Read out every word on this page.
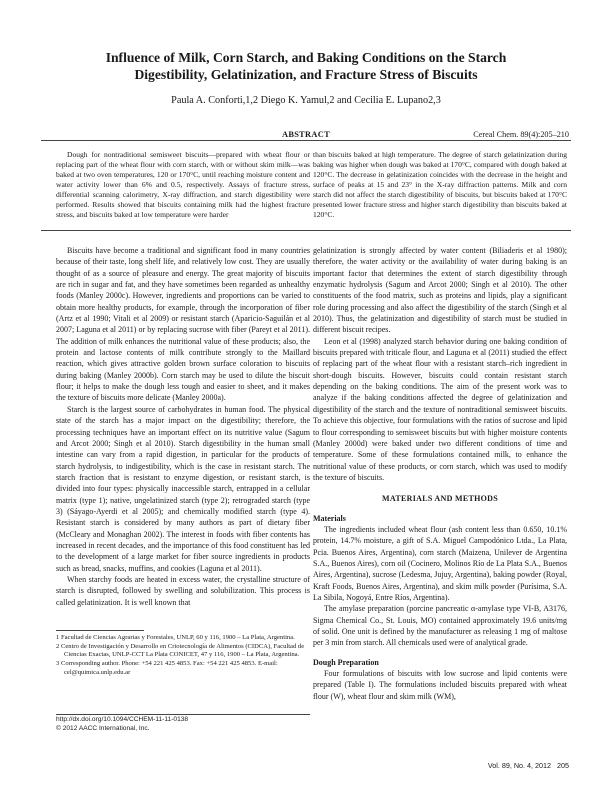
Influence of Milk, Corn Starch, and Baking Conditions on the Starch Digestibility, Gelatinization, and Fracture Stress of Biscuits
Paula A. Conforti,1,2 Diego K. Yamul,2 and Cecilia E. Lupano2,3
ABSTRACT	Cereal Chem. 89(4):205–210

Dough for nontraditional semisweet biscuits—prepared with wheat flour or replacing part of the wheat flour with corn starch, with or without skim milk—was baked at two oven temperatures, 120 or 170°C, until reaching moisture content and water activity lower than 6% and 0.5, respectively. Assays of fracture stress, differential scanning calorimetry, X-ray diffraction, and starch digestibility were performed. Results showed that biscuits containing milk had the highest fracture stress, and biscuits baked at low temperature were harder

than biscuits baked at high temperature. The degree of starch gelatinization during baking was higher when dough was baked at 170°C, compared with dough baked at 120°C. The decrease in gelatinization coincides with the decrease in the height and surface of peaks at 15 and 23° in the X-ray diffraction patterns. Milk and corn starch did not affect the starch digestibility of biscuits, but biscuits baked at 170°C presented lower fracture stress and higher starch digestibility than biscuits baked at 120°C.

Biscuits have become a traditional and significant food in many countries because of their taste, long shelf life, and relatively low cost. They are usually thought of as a source of pleasure and energy. The great majority of biscuits are rich in sugar and fat, and they have sometimes been regarded as unhealthy foods (Manley 2000c). However, ingredients and proportions can be varied to obtain more healthy products, for example, through the incorporation of fiber (Artz et al 1990; Vitali et al 2009) or resistant starch (Aparicio-Saguilán et al 2007; Laguna et al 2011) or by replacing sucrose with fiber (Pareyt et al 2011). The addition of milk enhances the nutritional value of these products; also, the protein and lactose contents of milk contribute strongly to the Maillard reaction, which gives attractive golden brown surface coloration to biscuits during baking (Manley 2000b). Corn starch may be used to dilute the biscuit flour; it helps to make the dough less tough and easier to sheet, and it makes the texture of biscuits more delicate (Manley 2000a).

Starch is the largest source of carbohydrates in human food. The physical state of the starch has a major impact on the digestibility; therefore, the processing techniques have an important effect on its nutritive value (Sagum and Arcot 2000; Singh et al 2010). Starch digestibility in the human small intestine can vary from a rapid digestion, in particular for the products of starch hydrolysis, to indigestibility, which is the case in resistant starch. The starch fraction that is resistant to enzyme digestion, or resistant starch, is divided into four types: physically inaccessible starch, entrapped in a cellular matrix (type 1); native, ungelatinized starch (type 2); retrograded starch (type 3) (Sáyago-Ayerdi et al 2005); and chemically modified starch (type 4). Resistant starch is considered by many authors as part of dietary fiber (McCleary and Monaghan 2002). The interest in foods with fiber contents has increased in recent decades, and the importance of this food constituent has led to the development of a large market for fiber source ingredients in products such as bread, snacks, muffins, and cookies (Laguna et al 2011).

When starchy foods are heated in excess water, the crystalline structure of starch is disrupted, followed by swelling and solubilization. This process is called gelatinization. It is well known that

gelatinization is strongly affected by water content (Biliaderis et al 1980); therefore, the water activity or the availability of water during baking is an important factor that determines the extent of starch digestibility through enzymatic hydrolysis (Sagum and Arcot 2000; Singh et al 2010). The other constituents of the food matrix, such as proteins and lipids, play a significant role during processing and also affect the digestibility of the starch (Singh et al 2010). Thus, the gelatinization and digestibility of starch must be studied in different biscuit recipes.

Leon et al (1998) analyzed starch behavior during one baking condition of biscuits prepared with triticale flour, and Laguna et al (2011) studied the effect of replacing part of the wheat flour with a resistant starch–rich ingredient in short-dough biscuits. However, biscuits could contain resistant starch depending on the baking conditions. The aim of the present work was to analyze if the baking conditions affected the degree of gelatinization and digestibility of the starch and the texture of nontraditional semisweet biscuits. To achieve this objective, four formulations with the ratios of sucrose and lipid to flour corresponding to semisweet biscuits but with higher moisture contents (Manley 2000d) were baked under two different conditions of time and temperature. Some of these formulations contained milk, to enhance the nutritional value of these products, or corn starch, which was used to modify the texture of biscuits.

MATERIALS AND METHODS
Materials

The ingredients included wheat flour (ash content less than 0.650, 10.1% protein, 14.7% moisture, a gift of S.A. Miguel Campodónico Ltda., La Plata, Pcia. Buenos Aires, Argentina), corn starch (Maizena, Unilever de Argentina S.A., Buenos Aires), corn oil (Cocinero, Molinos Río de La Plata S.A., Buenos Aires, Argentina), sucrose (Ledesma, Jujuy, Argentina), baking powder (Royal, Kraft Foods, Buenos Aires, Argentina), and skim milk powder (Purísima, S.A. La Sibila, Nogoyá, Entre Ríos, Argentina).

The amylase preparation (porcine pancreatic α-amylase type VI-B, A3176, Sigma Chemical Co., St. Louis, MO) contained approximately 19.6 units/mg of solid. One unit is defined by the manufacturer as releasing 1 mg of maltose per 3 min from starch. All chemicals used were of analytical grade.

Dough Preparation

Four formulations of biscuits with low sucrose and lipid contents were prepared (Table I). The formulations included biscuits prepared with wheat flour (W), wheat flour and skim milk (WM),

1 Facultad de Ciencias Agrarias y Forestales, UNLP, 60 y 116, 1900 – La Plata, Argentina.
2 Centro de Investigación y Desarrollo en Criotecnología de Alimentos (CIDCA), Facultad de Ciencias Exactas, UNLP-CCT La Plata CONICET, 47 y 116, 1900 – La Plata, Argentina.
3 Corresponding author. Phone: +54 221 425 4853. Fax: +54 221 425 4853. E-mail: cel@quimica.unlp.edu.ar
http://dx.doi.org/10.1094/CCHEM-11-11-0138
© 2012 AACC International, Inc.
Vol. 89, No. 4, 2012   205
